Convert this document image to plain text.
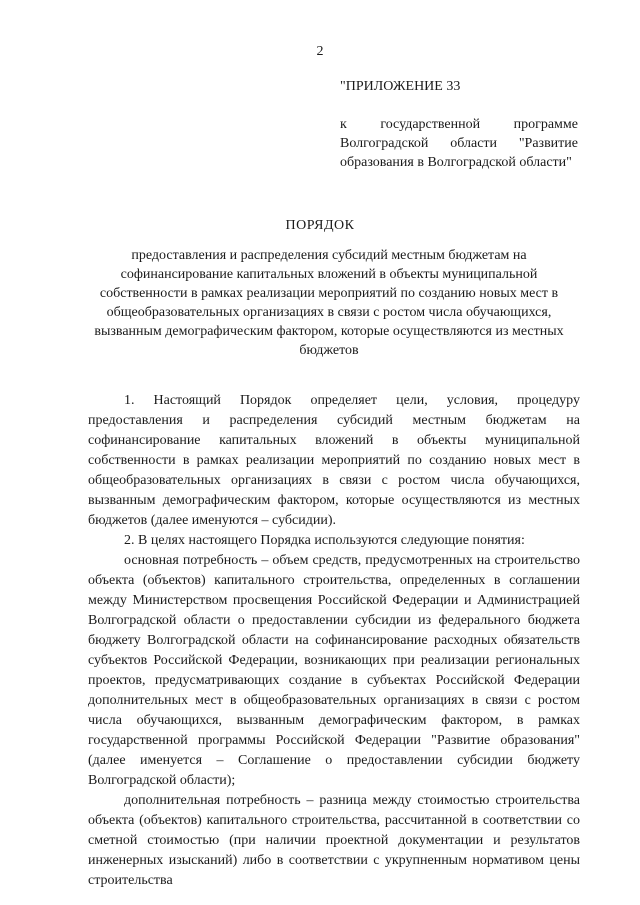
2
"ПРИЛОЖЕНИЕ 33
к государственной программе Волгоградской области "Развитие образования в Волгоградской области"
ПОРЯДОК
предоставления и распределения субсидий местным бюджетам на софинансирование капитальных вложений в объекты муниципальной собственности в рамках реализации мероприятий по созданию новых мест в общеобразовательных организациях в связи с ростом числа обучающихся, вызванным демографическим фактором, которые осуществляются из местных бюджетов

1. Настоящий Порядок определяет цели, условия, процедуру предоставления и распределения субсидий местным бюджетам на софинансирование капитальных вложений в объекты муниципальной собственности в рамках реализации мероприятий по созданию новых мест в общеобразовательных организациях в связи с ростом числа обучающихся, вызванным демографическим фактором, которые осуществляются из местных бюджетов (далее именуются – субсидии).

2. В целях настоящего Порядка используются следующие понятия:

основная потребность – объем средств, предусмотренных на строительство объекта (объектов) капитального строительства, определенных в соглашении между Министерством просвещения Российской Федерации и Администрацией Волгоградской области о предоставлении субсидии из федерального бюджета бюджету Волгоградской области на софинансирование расходных обязательств субъектов Российской Федерации, возникающих при реализации региональных проектов, предусматривающих создание в субъектах Российской Федерации дополнительных мест в общеобразовательных организациях в связи с ростом числа обучающихся, вызванным демографическим фактором, в рамках государственной программы Российской Федерации "Развитие образования" (далее именуется – Соглашение о предоставлении субсидии бюджету Волгоградской области);

дополнительная потребность – разница между стоимостью строительства объекта (объектов) капитального строительства, рассчитанной в соответствии со сметной стоимостью (при наличии проектной документации и результатов инженерных изысканий) либо в соответствии с укрупненным нормативом цены строительства
